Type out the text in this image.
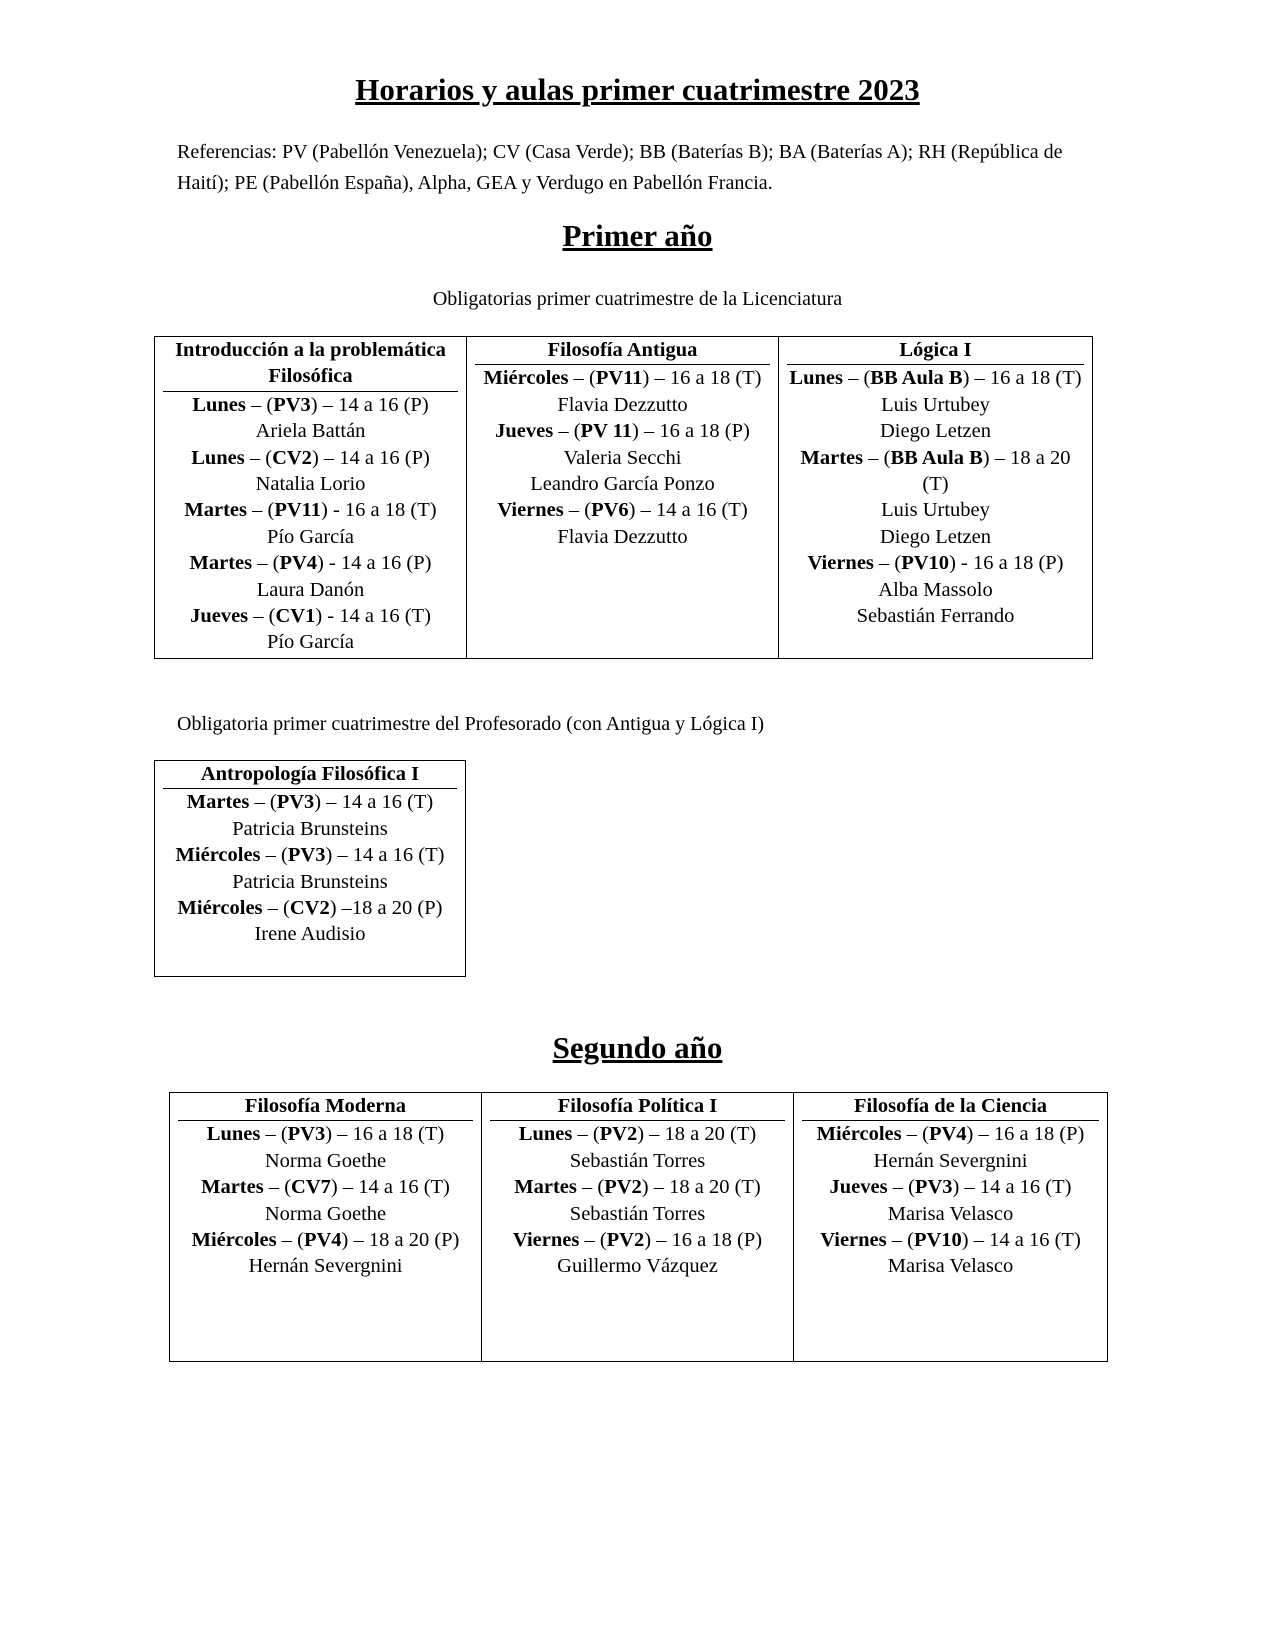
Horarios y aulas primer cuatrimestre 2023
Referencias: PV (Pabellón Venezuela); CV (Casa Verde); BB (Baterías B); BA (Baterías A); RH (República de Haití); PE (Pabellón España), Alpha, GEA y Verdugo en Pabellón Francia.
Primer año
Obligatorias primer cuatrimestre de la Licenciatura
Introducción a la problemática Filosófica
Lunes – (PV3) – 14 a 16 (P)
Ariela Battán
Lunes – (CV2) – 14 a 16 (P)
Natalia Lorio
Martes – (PV11) - 16 a 18 (T)
Pío García
Martes – (PV4) - 14 a 16 (P)
Laura Danón
Jueves – (CV1) - 14 a 16 (T)
Pío García

Filosofía Antigua
Miércoles – (PV11) – 16 a 18 (T)
Flavia Dezzutto
Jueves – (PV 11) – 16 a 18 (P)
Valeria Secchi
Leandro García Ponzo
Viernes – (PV6) – 14 a 16 (T)
Flavia Dezzutto

Lógica I
Lunes – (BB Aula B) – 16 a 18 (T)
Luis Urtubey
Diego Letzen
Martes – (BB Aula B) – 18 a 20 (T)
Luis Urtubey
Diego Letzen
Viernes – (PV10) - 16 a 18 (P)
Alba Massolo
Sebastián Ferrando
Obligatoria primer cuatrimestre del Profesorado (con Antigua y Lógica I)
Antropología Filosófica I
Martes – (PV3) – 14 a 16 (T)
Patricia Brunsteins
Miércoles – (PV3) – 14 a 16 (T) Patricia Brunsteins
Miércoles – (CV2) –18 a 20 (P)
Irene Audisio
Segundo año
Filosofía Moderna
Lunes – (PV3) – 16 a 18 (T)
Norma Goethe
Martes – (CV7) – 14 a 16 (T)
Norma Goethe
Miércoles – (PV4) – 18 a 20 (P)
Hernán Severgnini

Filosofía Política I
Lunes – (PV2) – 18 a 20 (T)
Sebastián Torres
Martes – (PV2) – 18 a 20 (T)
Sebastián Torres
Viernes – (PV2) – 16 a 18 (P)
Guillermo Vázquez

Filosofía de la Ciencia
Miércoles – (PV4) – 16 a 18 (P)
Hernán Severgnini
Jueves – (PV3) – 14 a 16 (T)
Marisa Velasco
Viernes – (PV10) – 14 a 16 (T)
Marisa Velasco
